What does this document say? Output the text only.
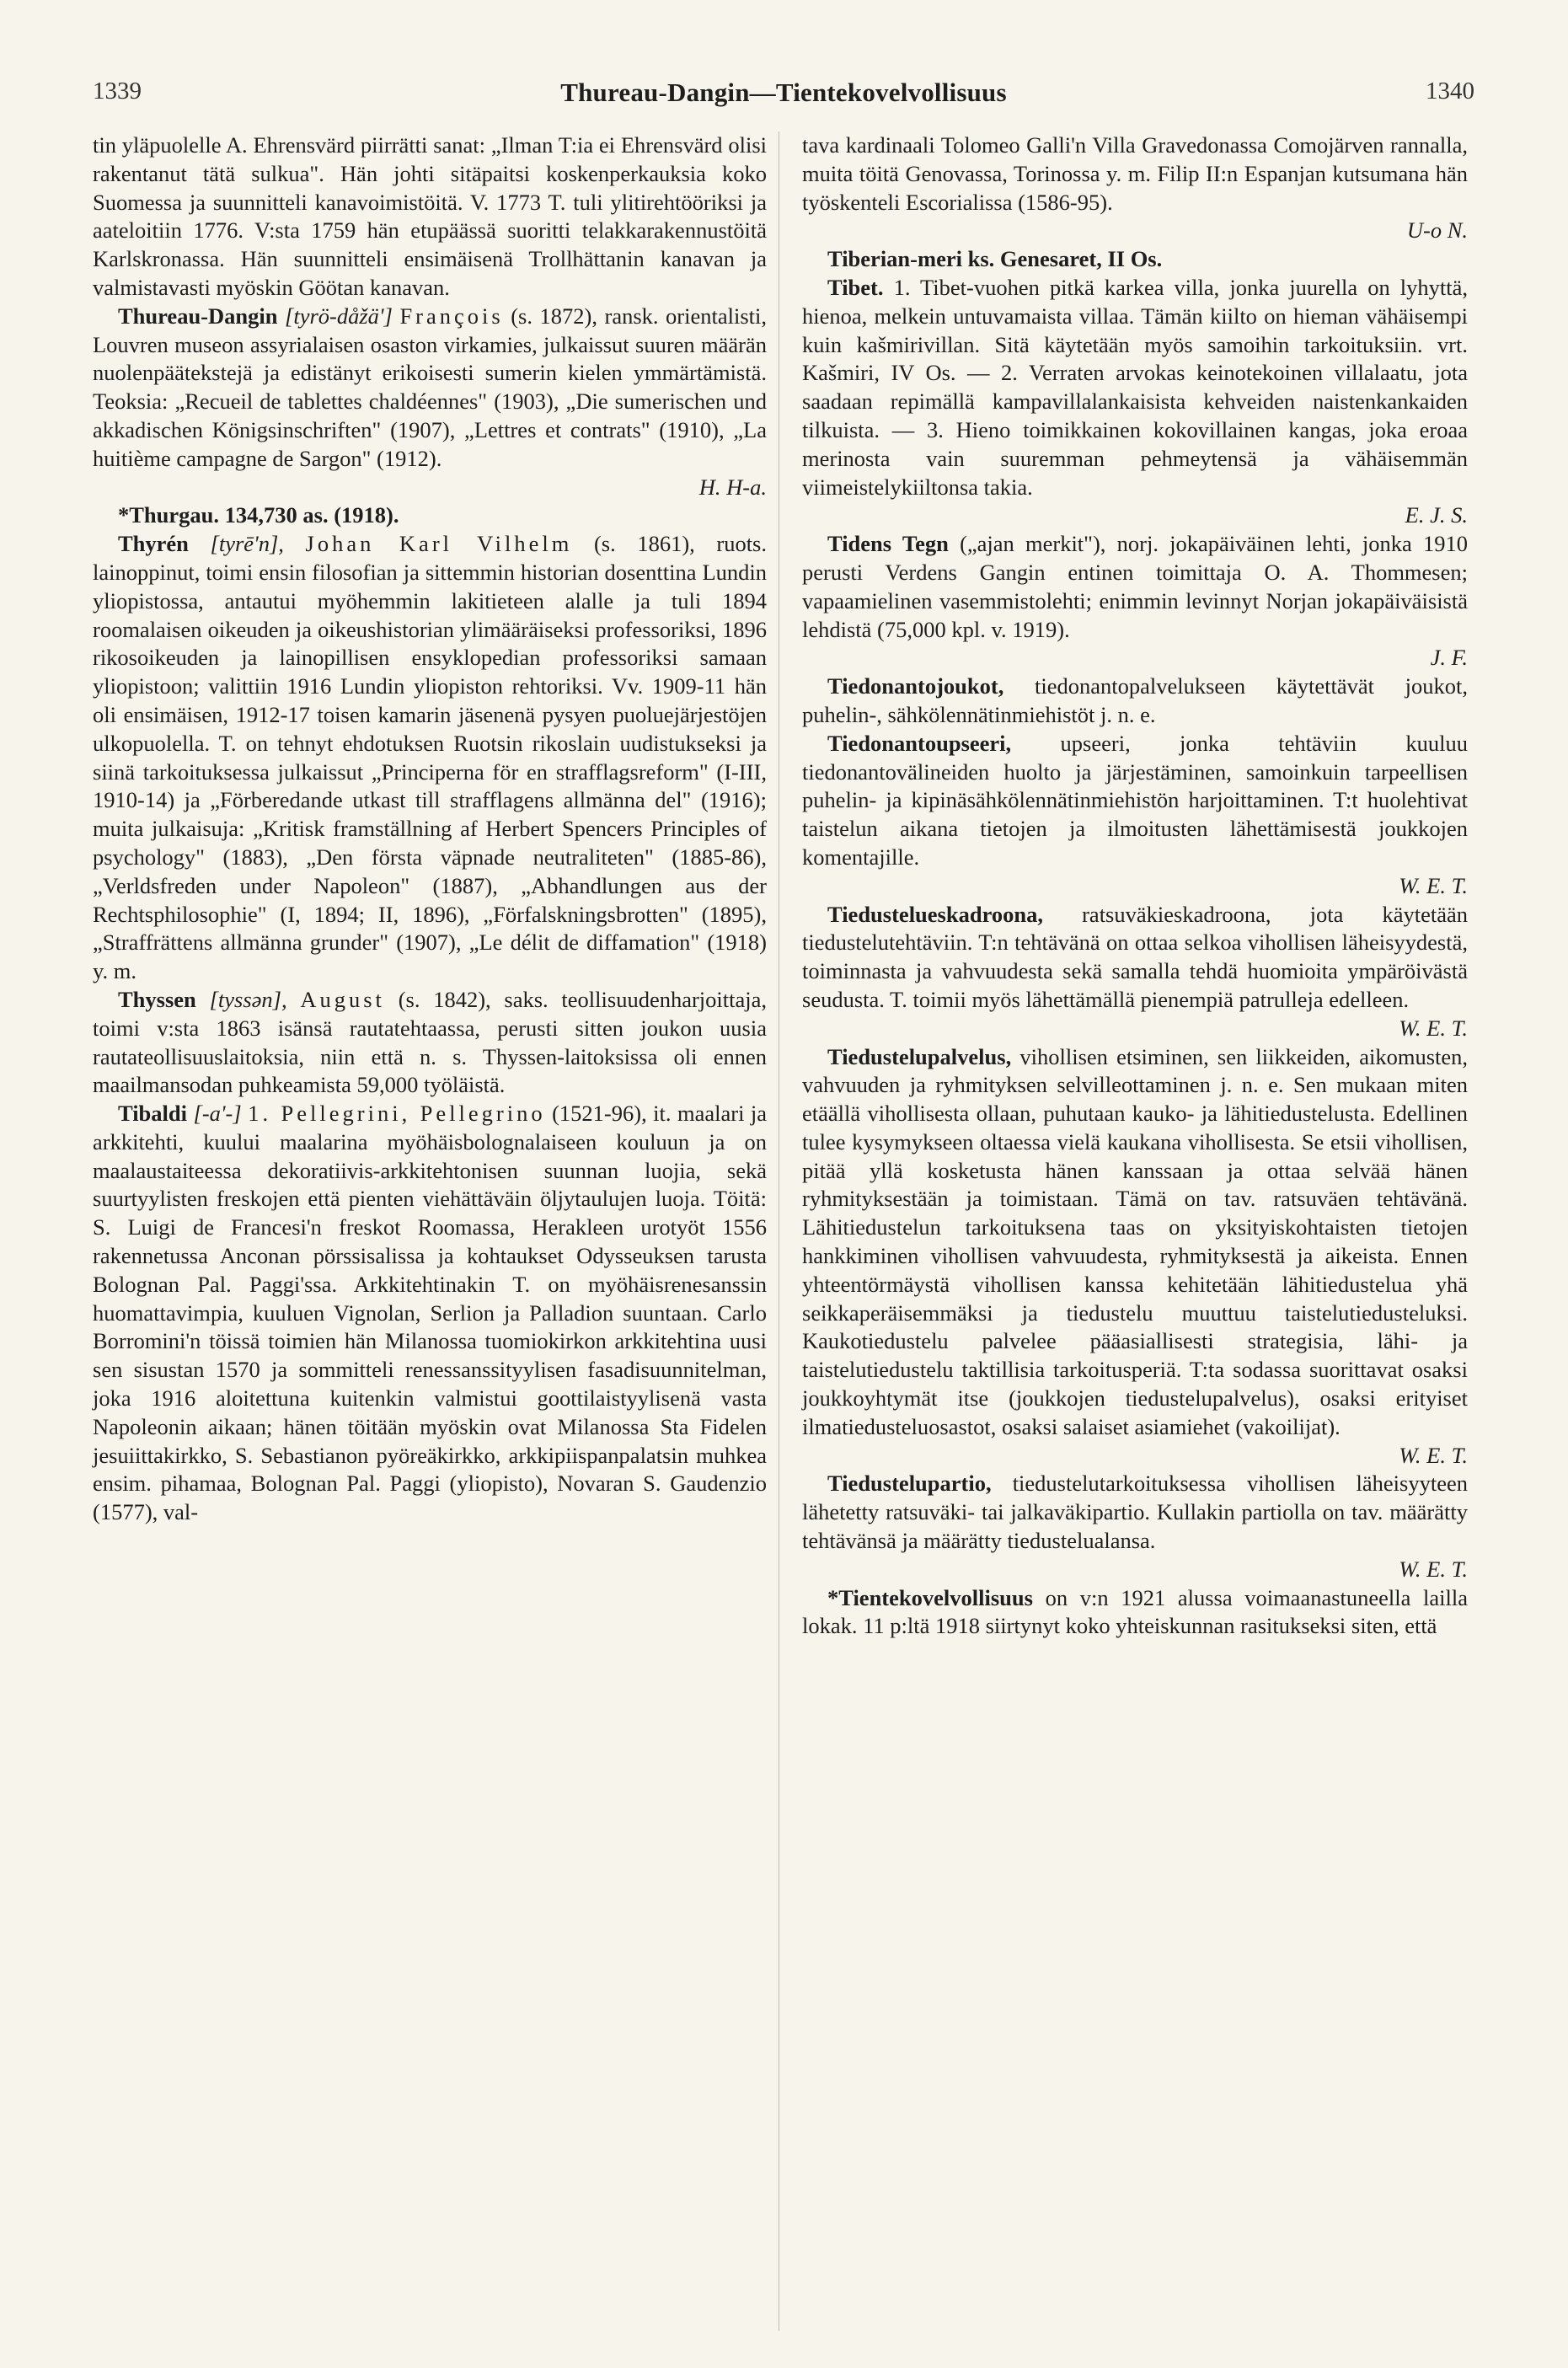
1339	Thureau-Dangin—Tientekovelvollisuus	1340

tin yläpuolelle A. Ehrensvärd piirrätti sanat: „Ilman T:ia ei Ehrensvärd olisi rakentanut tätä sulkua". Hän johti sitäpaitsi koskenperkauksia koko Suomessa ja suunnitteli kanavoimistöitä. V. 1773 T. tuli ylitirehtööriksi ja aateloitiin 1776. V:sta 1759 hän etupäässä suoritti telakkarakennustöitä Karlskronassa. Hän suunnitteli ensimäisenä Trollhättanin kanavan ja valmistavasti myöskin Göötan kanavan.

Thureau-Dangin [tyrö-dåžä'] François (s. 1872), ransk. orientalisti, Louvren museon assyrialaisen osaston virkamies, julkaissut suuren määrän nuolenpäätekstejä ja edistänyt erikoisesti sumerin kielen ymmärtämistä. Teoksia: „Recueil de tablettes chaldéennes" (1903), „Die sumerischen und akkadischen Königsinschriften" (1907), „Lettres et contrats" (1910), „La huitième campagne de Sargon" (1912).

H. H-a.

*Thurgau. 134,730 as. (1918).

Thyrén [tyrē'n], Johan Karl Vilhelm (s. 1861), ruots. lainoppinut, toimi ensin filosofian ja sittemmin historian dosenttina Lundin yliopistossa, antautui myöhemmin lakitieteen alalle ja tuli 1894 roomalaisen oikeuden ja oikeushistorian ylimääräiseksi professoriksi, 1896 rikosoikeuden ja lainopillisen ensyklopedian professoriksi samaan yliopistoon; valittiin 1916 Lundin yliopiston rehtoriksi. Vv. 1909-11 hän oli ensimäisen, 1912-17 toisen kamarin jäsenenä pysyen puoluejärjestöjen ulkopuolella. T. on tehnyt ehdotuksen Ruotsin rikoslain uudistukseksi ja siinä tarkoituksessa julkaissut „Principerna för en strafflagsreform" (I-III, 1910-14) ja „Förberedande utkast till strafflagens allmänna del" (1916); muita julkaisuja: „Kritisk framställning af Herbert Spencers Principles of psychology" (1883), „Den första väpnade neutraliteten" (1885-86), „Verldsfreden under Napoleon" (1887), „Abhandlungen aus der Rechtsphilosophie" (I, 1894; II, 1896), „Förfalskningsbrotten" (1895), „Straffrättens allmänna grunder" (1907), „Le délit de diffamation" (1918) y. m.

Thyssen [tyssən], August (s. 1842), saks. teollisuudenharjoittaja, toimi v:sta 1863 isänsä rautatehtaassa, perusti sitten joukon uusia rautateollisuuslaitoksia, niin että n. s. Thyssen-laitoksissa oli ennen maailmansodan puhkeamista 59,000 työläistä.

Tibaldi [-a'-] 1. Pellegrini, Pellegrino (1521-96), it. maalari ja arkkitehti, kuului maalarina myöhäisbolognalaiseen kouluun ja on maalaustaiteessa dekoratiivis-arkkitehtonisen suunnan luojia, sekä suurtyylisten freskojen että pienten viehättäväin öljytaulujen luoja. Töitä: S. Luigi de Francesi'n freskot Roomassa, Herakleen urotyöt 1556 rakennetussa Anconan pörssisalissa ja kohtaukset Odysseuksen tarusta Bolognan Pal. Paggi'ssa. Arkkitehtinakin T. on myöhäisrenesanssin huomattavimpia, kuuluen Vignolan, Serlion ja Palladion suuntaan. Carlo Borromini'n töissä toimien hän Milanossa tuomiokirkon arkkitehtina uusi sen sisustan 1570 ja sommitteli renessanssityylisen fasadisuunnitelman, joka 1916 aloitettuna kuitenkin valmistui goottilaistyylisenä vasta Napoleonin aikaan; hänen töitään myöskin ovat Milanossa Sta Fidelen jesuiittakirkko, S. Sebastianon pyöreäkirkko, arkkipiispanpalatsin muhkea ensim. pihamaa, Bolognan Pal. Paggi (yliopisto), Novaran S. Gaudenzio (1577), val-

tava kardinaali Tolomeo Galli'n Villa Gravedonassa Comojärven rannalla, muita töitä Genovassa, Torinossa y. m. Filip II:n Espanjan kutsumana hän työskenteli Escorialissa (1586-95).

U-o N.

Tiberian-meri ks. Genesaret, II Os.

Tibet. 1. Tibet-vuohen pitkä karkea villa, jonka juurella on lyhyttä, hienoa, melkein untuvamaista villaa. Tämän kiilto on hieman vähäisempi kuin kašmirivillan. Sitä käytetään myös samoihin tarkoituksiin. vrt. Kašmiri, IV Os. — 2. Verraten arvokas keinotekoinen villalaatu, jota saadaan repimällä kampavillalankaisista kehveiden naistenkankaiden tilkuista. — 3. Hieno toimikkainen kokovillainen kangas, joka eroaa merinosta vain suuremman pehmeytensä ja vähäisemmän viimeistelykiiltonsa takia.

E. J. S.

Tidens Tegn („ajan merkit"), norj. jokapäiväinen lehti, jonka 1910 perusti Verdens Gangin entinen toimittaja O. A. Thommesen; vapaamielinen vasemmistolehti; enimmin levinnyt Norjan jokapäiväisistä lehdistä (75,000 kpl. v. 1919).

J. F.

Tiedonantojoukot, tiedonantopalvelukseen käytettävät joukot, puhelin-, sähkölennätinmiehistöt j. n. e.

Tiedonantoupseeri, upseeri, jonka tehtäviin kuuluu tiedonantovälineiden huolto ja järjestäminen, samoinkuin tarpeellisen puhelin- ja kipinäsähkölennätinmiehistön harjoittaminen. T:t huolehtivat taistelun aikana tietojen ja ilmoitusten lähettämisestä joukkojen komentajille.

W. E. T.

Tiedustelueskadroona, ratsuväkieskadroona, jota käytetään tiedustelutehtäviin. T:n tehtävänä on ottaa selkoa vihollisen läheisyydestä, toiminnasta ja vahvuudesta sekä samalla tehdä huomioita ympäröivästä seudusta. T. toimii myös lähettämällä pienempiä patrulleja edelleen.

W. E. T.

Tiedustelupalvelus, vihollisen etsiminen, sen liikkeiden, aikomusten, vahvuuden ja ryhmityksen selvilleottaminen j. n. e. Sen mukaan miten etäällä vihollisesta ollaan, puhutaan kauko- ja lähitiedustelusta. Edellinen tulee kysymykseen oltaessa vielä kaukana vihollisesta. Se etsii vihollisen, pitää yllä kosketusta hänen kanssaan ja ottaa selvää hänen ryhmityksestään ja toimistaan. Tämä on tav. ratsuväen tehtävänä. Lähitiedustelun tarkoituksena taas on yksityiskohtaisten tietojen hankkiminen vihollisen vahvuudesta, ryhmityksestä ja aikeista. Ennen yhteentörmäystä vihollisen kanssa kehitetään lähitiedustelua yhä seikkaperäisemmäksi ja tiedustelu muuttuu taistelutiedusteluksi. Kaukotiedustelu palvelee pääasiallisesti strategisia, lähi- ja taistelutiedustelu taktillisia tarkoitusperiä. T:ta sodassa suorittavat osaksi joukkoyhtymät itse (joukkojen tiedustelupalvelus), osaksi erityiset ilmatiedusteluosastot, osaksi salaiset asiamiehet (vakoilijat).

W. E. T.

Tiedustelupartio, tiedustelutarkoituksessa vihollisen läheisyyteen lähetetty ratsuväki- tai jalkaväkipartio. Kullakin partiolla on tav. määrätty tehtävänsä ja määrätty tiedustelualansa.

W. E. T.

*Tientekovelvollisuus on v:n 1921 alussa voimaanastuneella lailla lokak. 11 p:ltä 1918 siirtynyt koko yhteiskunnan rasitukseksi siten, että
